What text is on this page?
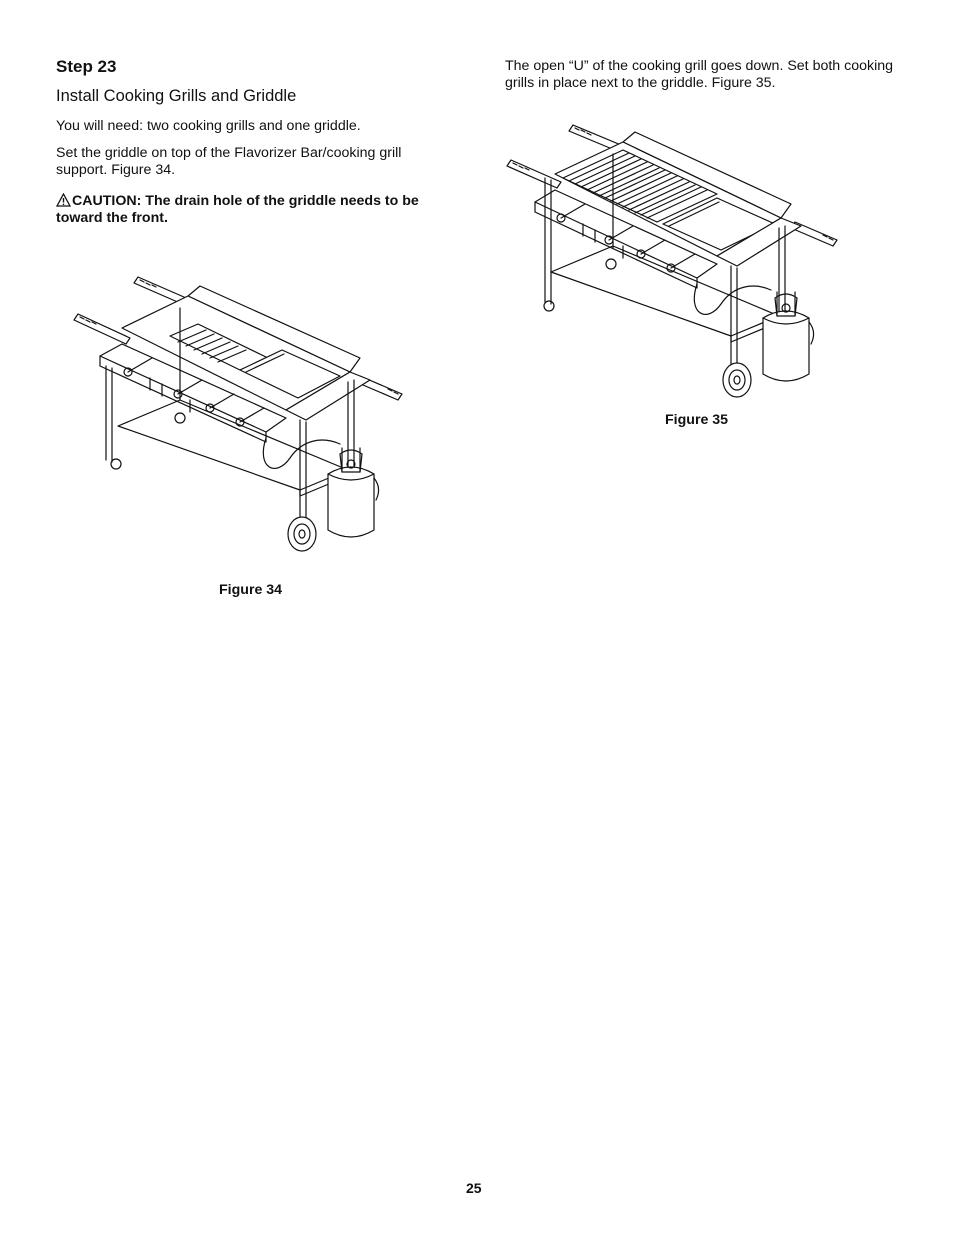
Step 23
Install Cooking Grills and Griddle
You will need: two cooking grills and one griddle.
Set the griddle on top of the Flavorizer Bar/cooking grill support. Figure 34.
CAUTION: The drain hole of the griddle needs to be toward the front.
The open “U” of the cooking grill goes down. Set both cooking grills in place next to the griddle. Figure 35.
Figure 34
Figure 35
25
